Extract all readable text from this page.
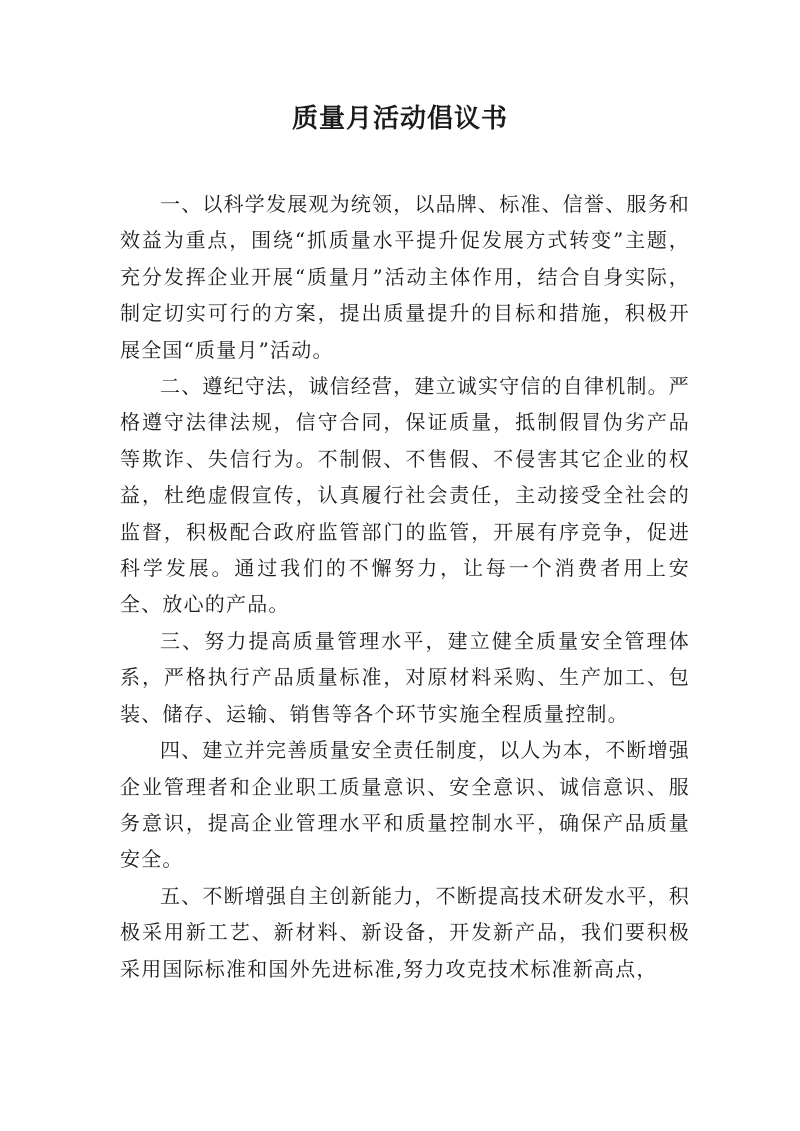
质量月活动倡议书

一、以科学发展观为统领，以品牌、标准、信誉、服务和效益为重点，围绕“抓质量水平提升促发展方式转变”主题，充分发挥企业开展“质量月”活动主体作用，结合自身实际，制定切实可行的方案，提出质量提升的目标和措施，积极开展全国“质量月”活动。

二、遵纪守法，诚信经营，建立诚实守信的自律机制。严格遵守法律法规，信守合同，保证质量，抵制假冒伪劣产品等欺诈、失信行为。不制假、不售假、不侵害其它企业的权益，杜绝虚假宣传，认真履行社会责任，主动接受全社会的监督，积极配合政府监管部门的监管，开展有序竞争，促进科学发展。通过我们的不懈努力，让每一个消费者用上安全、放心的产品。

三、努力提高质量管理水平，建立健全质量安全管理体系，严格执行产品质量标准，对原材料采购、生产加工、包装、储存、运输、销售等各个环节实施全程质量控制。

四、建立并完善质量安全责任制度，以人为本，不断增强企业管理者和企业职工质量意识、安全意识、诚信意识、服务意识，提高企业管理水平和质量控制水平，确保产品质量安全。

五、不断增强自主创新能力，不断提高技术研发水平，积极采用新工艺、新材料、新设备，开发新产品，我们要积极采用国际标准和国外先进标准,努力攻克技术标准新高点，
